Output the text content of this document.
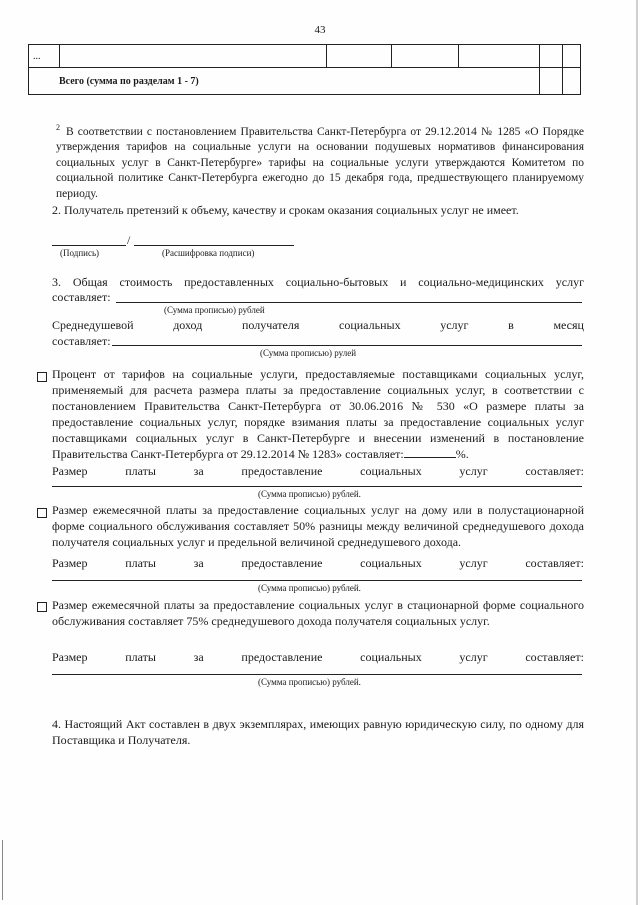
43
...						
Всего (сумма по разделам 1 - 7)						
$^2$ В соответствии с постановлением Правительства Санкт-Петербурга от 29.12.2014 № 1285 «О Порядке утверждения тарифов на социальные услуги на основании подушевых нормативов финансирования социальных услуг в Санкт-Петербурге» тарифы на социальные услуги утверждаются Комитетом по социальной политике Санкт-Петербурга ежегодно до 15 декабря года, предшествующего планируемому периоду.
2. Получатель претензий к объему, качеству и срокам оказания социальных услуг не имеет.
/
(Подпись)	(Расшифровка подписи)
3. Общая стоимость предоставленных социально-бытовых и социально-медицинских услуг
составляет:
(Сумма прописью) рублей
Среднедушевой	доход	получателя	социальных	услуг	в	месяц
составляет:
(Сумма прописью) рулей
Процент от тарифов на социальные услуги, предоставляемые поставщиками социальных услуг, применяемый для расчета размера платы за предоставление социальных услуг, в соответствии с постановлением Правительства Санкт-Петербурга от 30.06.2016 № 530 «О размере платы за предоставление социальных услуг, порядке взимания платы за предоставление социальных услуг поставщиками социальных услуг в Санкт-Петербурге и внесении изменений в постановление Правительства Санкт-Петербурга от 29.12.2014 № 1283» составляет:	%.
Размер	платы	за	предоставление	социальных	услуг	составляет:
(Сумма прописью) рублей.
Размер ежемесячной платы за предоставление социальных услуг на дому или в полустационарной форме социального обслуживания составляет 50% разницы между величиной среднедушевого дохода получателя социальных услуг и предельной величиной среднедушевого дохода.
Размер	платы	за	предоставление	социальных	услуг	составляет:
(Сумма прописью) рублей.
Размер ежемесячной платы за предоставление социальных услуг в стационарной форме социального обслуживания составляет 75% среднедушевого дохода получателя социальных услуг.
Размер	платы	за	предоставление	социальных	услуг	составляет:
(Сумма прописью) рублей.
4. Настоящий Акт составлен в двух экземплярах, имеющих равную юридическую силу, по одному для Поставщика и Получателя.
